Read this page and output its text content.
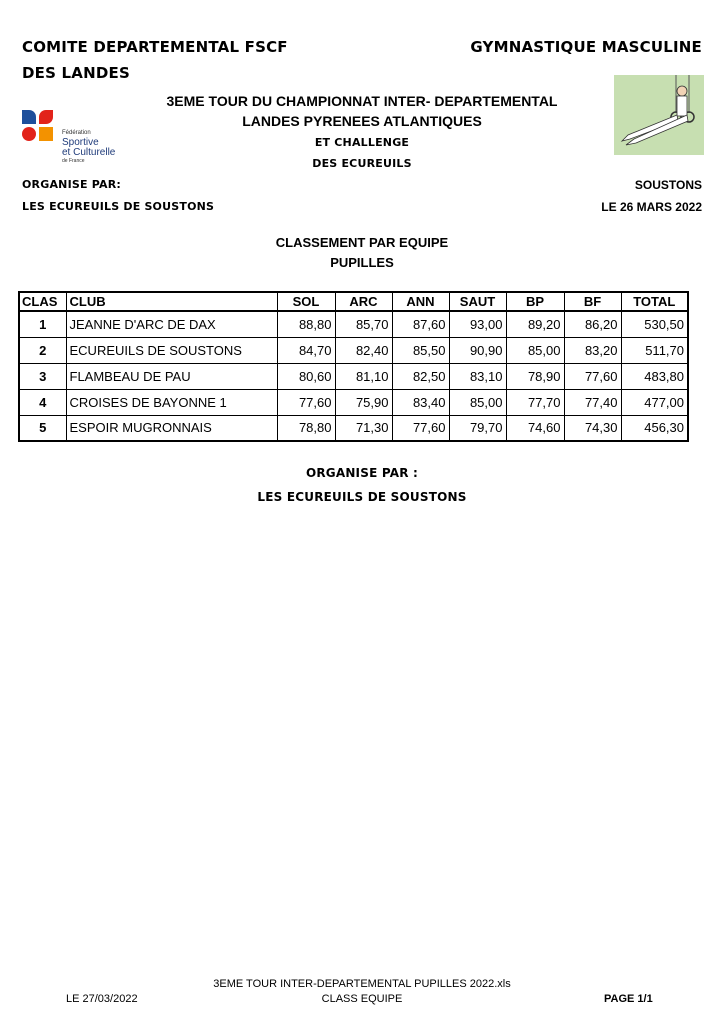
COMITE DEPARTEMENTAL FSCF
DES LANDES
GYMNASTIQUE MASCULINE
3EME TOUR DU CHAMPIONNAT INTER- DEPARTEMENTAL
LANDES PYRENEES ATLANTIQUES
ET CHALLENGE
DES ECUREUILS
Fédération
Sportive
et Culturelle
de France
ORGANISE PAR:
LES ECUREUILS DE SOUSTONS
SOUSTONS
LE 26 MARS 2022
CLASSEMENT PAR EQUIPE
PUPILLES
CLAS	CLUB	SOL	ARC	ANN	SAUT	BP	BF	TOTAL
1	JEANNE D'ARC DE DAX	88,80	85,70	87,60	93,00	89,20	86,20	530,50
2	ECUREUILS DE SOUSTONS	84,70	82,40	85,50	90,90	85,00	83,20	511,70
3	FLAMBEAU DE PAU	80,60	81,10	82,50	83,10	78,90	77,60	483,80
4	CROISES DE BAYONNE 1	77,60	75,90	83,40	85,00	77,70	77,40	477,00
5	ESPOIR MUGRONNAIS	78,80	71,30	77,60	79,70	74,60	74,30	456,30
ORGANISE PAR :
LES ECUREUILS DE SOUSTONS
3EME TOUR INTER-DEPARTEMENTAL PUPILLES 2022.xls
CLASS EQUIPE
LE 27/03/2022	PAGE 1/1
